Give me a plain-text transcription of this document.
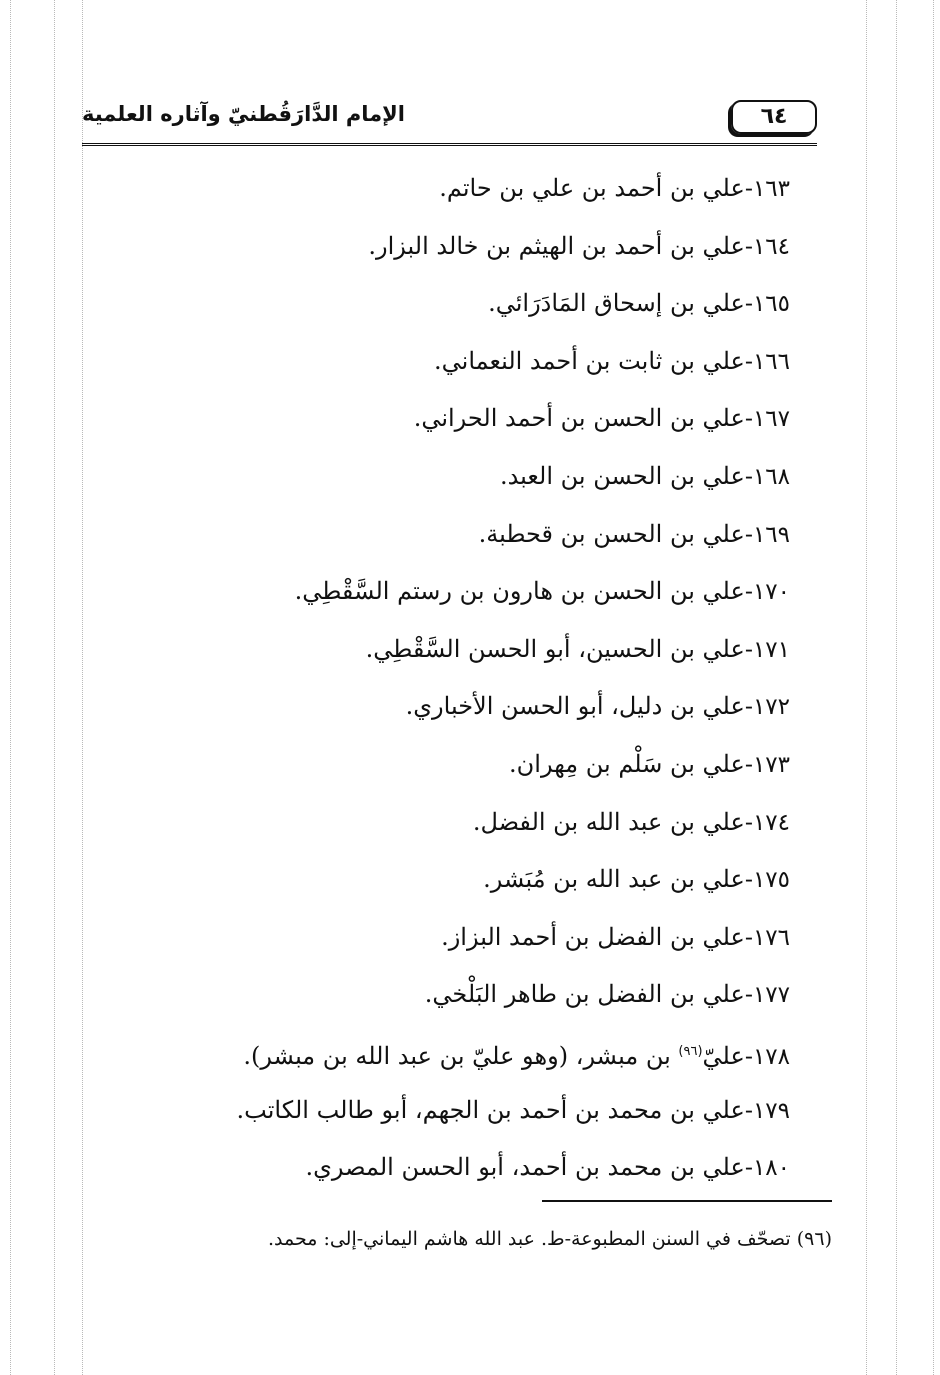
٦٤
الإمام الدَّارَقُطنيّ وآثاره العلمية
١٦٣-علي بن أحمد بن علي بن حاتم.
١٦٤-علي بن أحمد بن الهيثم بن خالد البزار.
١٦٥-علي بن إسحاق المَادَرَائي.
١٦٦-علي بن ثابت بن أحمد النعماني.
١٦٧-علي بن الحسن بن أحمد الحراني.
١٦٨-علي بن الحسن بن العبد.
١٦٩-علي بن الحسن بن قحطبة.
١٧٠-علي بن الحسن بن هارون بن رستم السَّقْطِي.
١٧١-علي بن الحسين، أبو الحسن السَّقْطِي.
١٧٢-علي بن دليل، أبو الحسن الأخباري.
١٧٣-علي بن سَلْم بن مِهران.
١٧٤-علي بن عبد الله بن الفضل.
١٧٥-علي بن عبد الله بن مُبَشر.
١٧٦-علي بن الفضل بن أحمد البزاز.
١٧٧-علي بن الفضل بن طاهر البَلْخي.
١٧٨-عليّ$^{(٩٦)}$ بن مبشر، (وهو عليّ بن عبد الله بن مبشر).
١٧٩-علي بن محمد بن أحمد بن الجهم، أبو طالب الكاتب.
١٨٠-علي بن محمد بن أحمد، أبو الحسن المصري.
(٩٦) تصحّف في السنن المطبوعة-ط. عبد الله هاشم اليماني-إلى: محمد.
